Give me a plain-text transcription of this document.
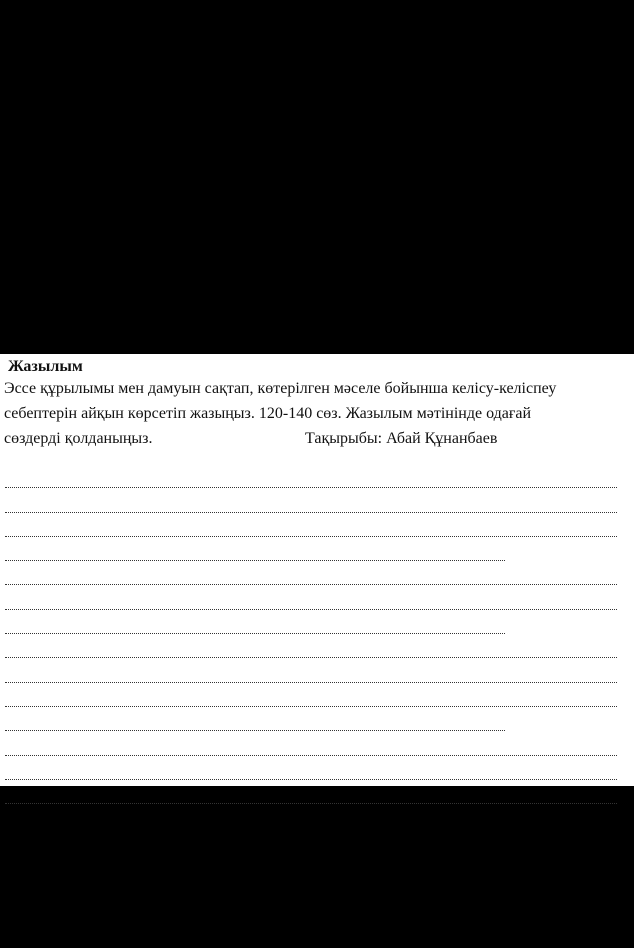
Жазылым
Эссе құрылымы мен дамуын сақтап, көтерілген мәселе бойынша келісу-келіспеу
себептерін айқын көрсетіп жазыңыз. 120-140 сөз. Жазылым мәтінінде одағай
сөздерді қолданыңыз.	Тақырыбы: Абай Құнанбаев
